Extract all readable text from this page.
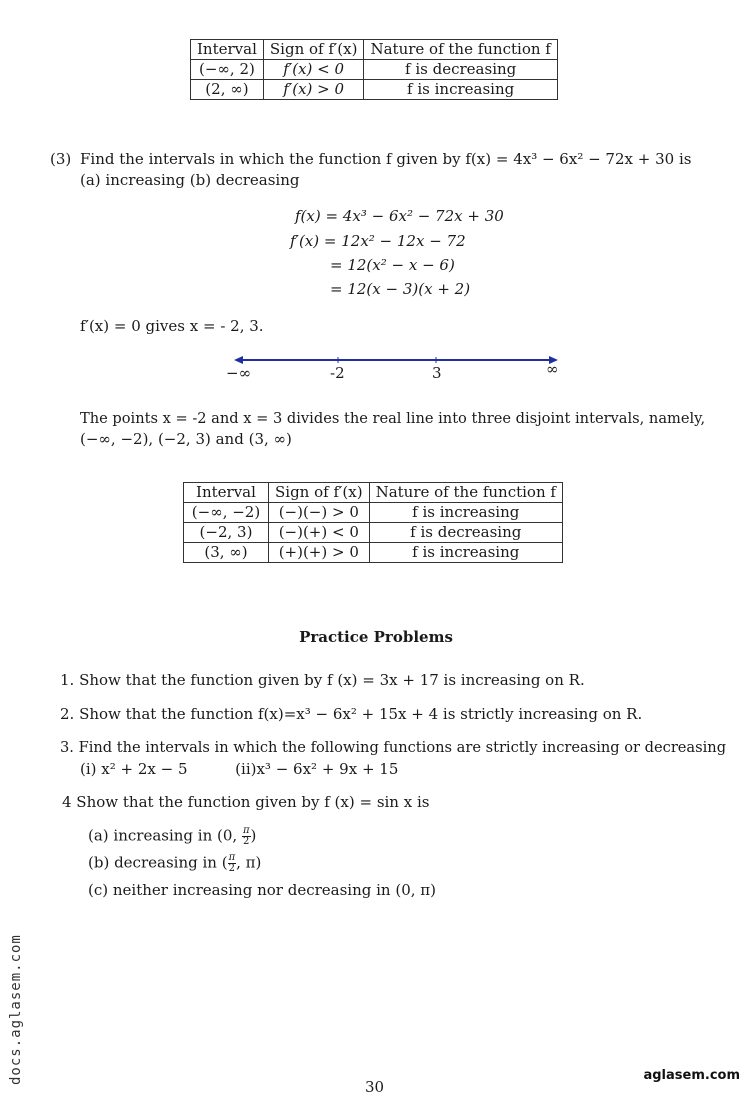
Interval	Sign of f′(x)	Nature of the function f
(−∞, 2)	f′(x) < 0	f is decreasing
(2, ∞)	f′(x) > 0	f is increasing
(3) Find the intervals in which the function f given by f(x) = 4x³ − 6x² − 72x + 30 is
(a) increasing (b) decreasing
f(x) = 4x³ − 6x² − 72x + 30
f′(x) = 12x² − 12x − 72
= 12(x² − x − 6)
= 12(x − 3)(x + 2)
f′(x) = 0 gives x = - 2, 3.
−∞	-2	3	∞
The points x = -2 and x = 3 divides the real line into three disjoint intervals, namely,
(−∞, −2), (−2, 3) and (3, ∞)
Interval	Sign of f′(x)	Nature of the function f
(−∞, −2)	(−)(−) > 0	f is increasing
(−2, 3)	(−)(+) < 0	f is decreasing
(3, ∞)	(+)(+) > 0	f is increasing
Practice Problems
1. Show that the function given by f (x) = 3x + 17 is increasing on R.
2. Show that the function f(x)=x³ − 6x² + 15x + 4 is strictly increasing on R.
3. Find the intervals in which the following functions are strictly increasing or decreasing
(i) x² + 2x − 5          (ii)x³ − 6x² + 9x + 15
4 Show that the function given by f (x) = sin x is
(a) increasing in (0, $\frac{\pi}{2}$ )
(b) decreasing in ( $\frac{\pi}{2}$ , π)
(c) neither increasing nor decreasing in (0, π)
docs.aglasem.com
30
aglasem.com
